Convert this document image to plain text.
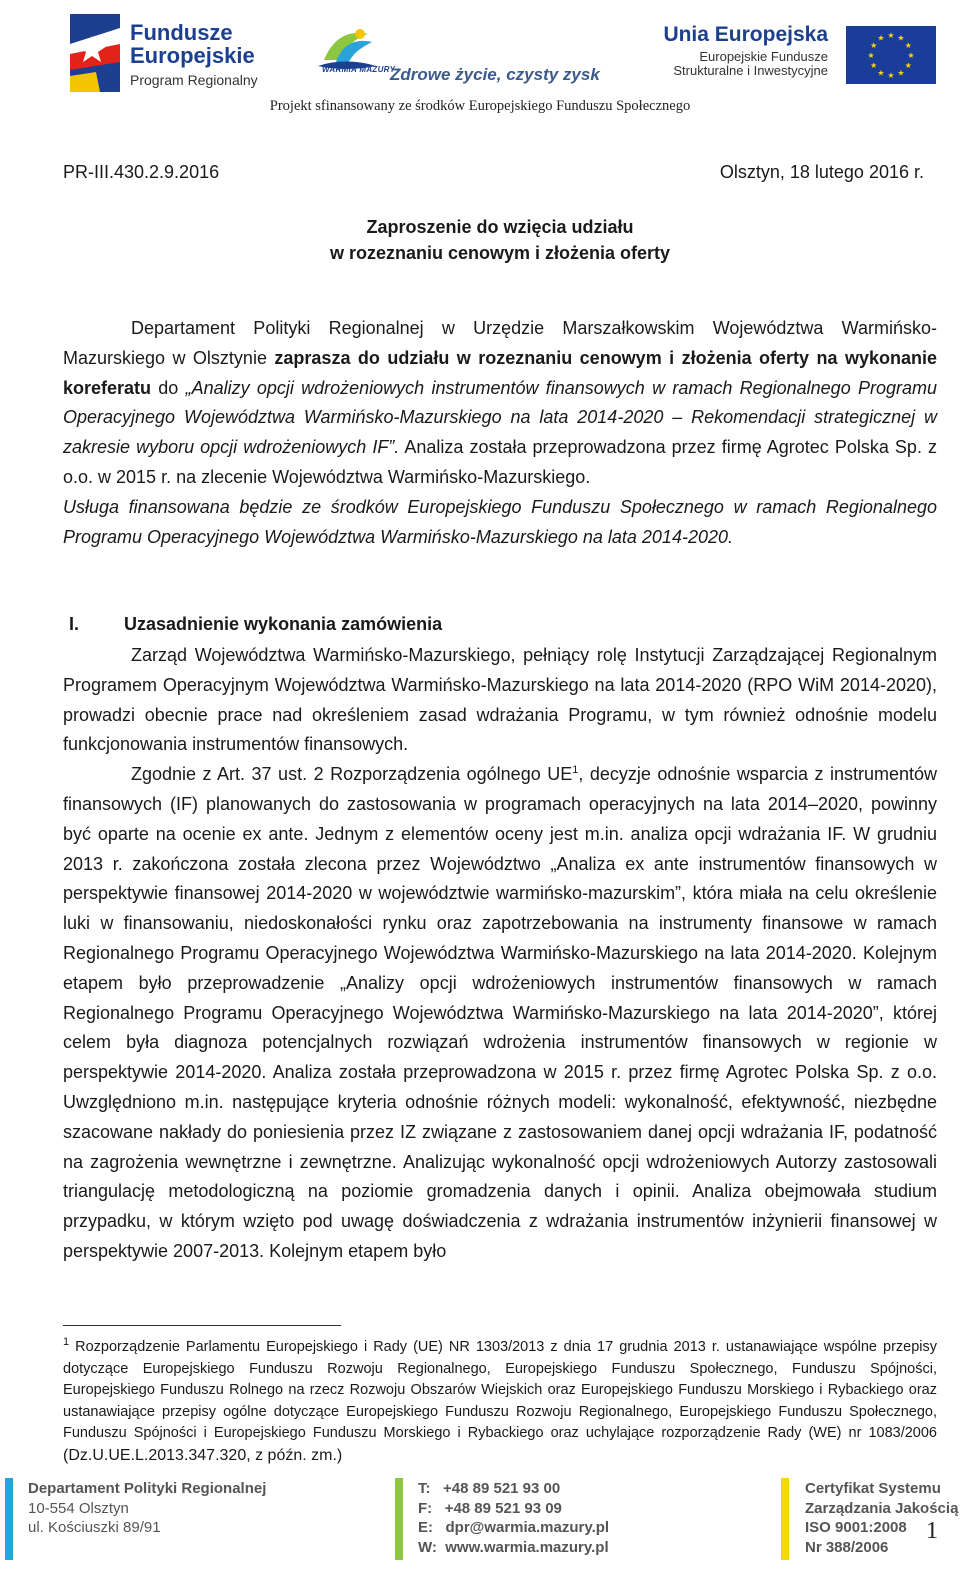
Fundusze
Europejskie
Program Regionalny
WARMIA MAZURY
Zdrowe życie, czysty zysk
Unia Europejska
Europejskie Fundusze
Strukturalne i Inwestycyjne
★ ★
★
★
★
★
★
★
★
★
★
★
Projekt sfinansowany ze środków Europejskiego Funduszu Społecznego
PR-III.430.2.9.2016	Olsztyn, 18 lutego 2016 r.
Zaproszenie do wzięcia udziału
w rozeznaniu cenowym i złożenia oferty

Departament Polityki Regionalnej w Urzędzie Marszałkowskim Województwa Warmińsko-Mazurskiego w Olsztynie zaprasza do udziału w rozeznaniu cenowym i złożenia oferty na wykonanie koreferatu do „Analizy opcji wdrożeniowych instrumentów finansowych w ramach Regionalnego Programu Operacyjnego Województwa Warmińsko-Mazurskiego na lata 2014-2020 – Rekomendacji strategicznej w zakresie wyboru opcji wdrożeniowych IF”. Analiza została przeprowadzona przez firmę Agrotec Polska Sp. z o.o. w 2015 r. na zlecenie Województwa Warmińsko-Mazurskiego.

Usługa finansowana będzie ze środków Europejskiego Funduszu Społecznego w ramach Regionalnego Programu Operacyjnego Województwa Warmińsko-Mazurskiego na lata 2014-2020.

I. Uzasadnienie wykonania zamówienia

Zarząd Województwa Warmińsko-Mazurskiego, pełniący rolę Instytucji Zarządzającej Regionalnym Programem Operacyjnym Województwa Warmińsko-Mazurskiego na lata 2014-2020 (RPO WiM 2014-2020), prowadzi obecnie prace nad określeniem zasad wdrażania Programu, w tym również odnośnie modelu funkcjonowania instrumentów finansowych.

Zgodnie z Art. 37 ust. 2 Rozporządzenia ogólnego $UE^1$, decyzje odnośnie wsparcia z instrumentów finansowych (IF) planowanych do zastosowania w programach operacyjnych na lata 2014–2020, powinny być oparte na ocenie ex ante. Jednym z elementów oceny jest m.in. analiza opcji wdrażania IF. W grudniu 2013 r. zakończona została zlecona przez Województwo „Analiza ex ante instrumentów finansowych w perspektywie finansowej 2014-2020 w województwie warmińsko-mazurskim”, która miała na celu określenie luki w finansowaniu, niedoskonałości rynku oraz zapotrzebowania na instrumenty finansowe w ramach Regionalnego Programu Operacyjnego Województwa Warmińsko-Mazurskiego na lata 2014-2020. Kolejnym etapem było przeprowadzenie „Analizy opcji wdrożeniowych instrumentów finansowych w ramach Regionalnego Programu Operacyjnego Województwa Warmińsko-Mazurskiego na lata 2014-2020”, której celem była diagnoza potencjalnych rozwiązań wdrożenia instrumentów finansowych w regionie w perspektywie 2014-2020. Analiza została przeprowadzona w 2015 r. przez firmę Agrotec Polska Sp. z o.o. Uwzględniono m.in. następujące kryteria odnośnie różnych modeli: wykonalność, efektywność, niezbędne szacowane nakłady do poniesienia przez IZ związane z zastosowaniem danej opcji wdrażania IF, podatność na zagrożenia wewnętrzne i zewnętrzne. Analizując wykonalność opcji wdrożeniowych Autorzy zastosowali triangulację metodologiczną na poziomie gromadzenia danych i opinii. Analiza obejmowała studium przypadku, w którym wzięto pod uwagę doświadczenia z wdrażania instrumentów inżynierii finansowej w perspektywie 2007-2013. Kolejnym etapem było

$^1$ Rozporządzenie Parlamentu Europejskiego i Rady (UE) NR 1303/2013 z dnia 17 grudnia 2013 r. ustanawiające wspólne przepisy dotyczące Europejskiego Funduszu Rozwoju Regionalnego, Europejskiego Funduszu Społecznego, Funduszu Spójności, Europejskiego Funduszu Rolnego na rzecz Rozwoju Obszarów Wiejskich oraz Europejskiego Funduszu Morskiego i Rybackiego oraz ustanawiające przepisy ogólne dotyczące Europejskiego Funduszu Rozwoju Regionalnego, Europejskiego Funduszu Społecznego, Funduszu Spójności i Europejskiego Funduszu Morskiego i Rybackiego oraz uchylające rozporządzenie Rady (WE) nr 1083/2006 (Dz.U.UE.L.2013.347.320, z późn. zm.)

Departament Polityki Regionalnej
10-554 Olsztyn
ul. Kościuszki 89/91
T: +48 89 521 93 00
F: +48 89 521 93 09
E: dpr@warmia.mazury.pl
W: www.warmia.mazury.pl
Certyfikat Systemu
Zarządzania Jakością
ISO 9001:2008
Nr 388/2006
1
